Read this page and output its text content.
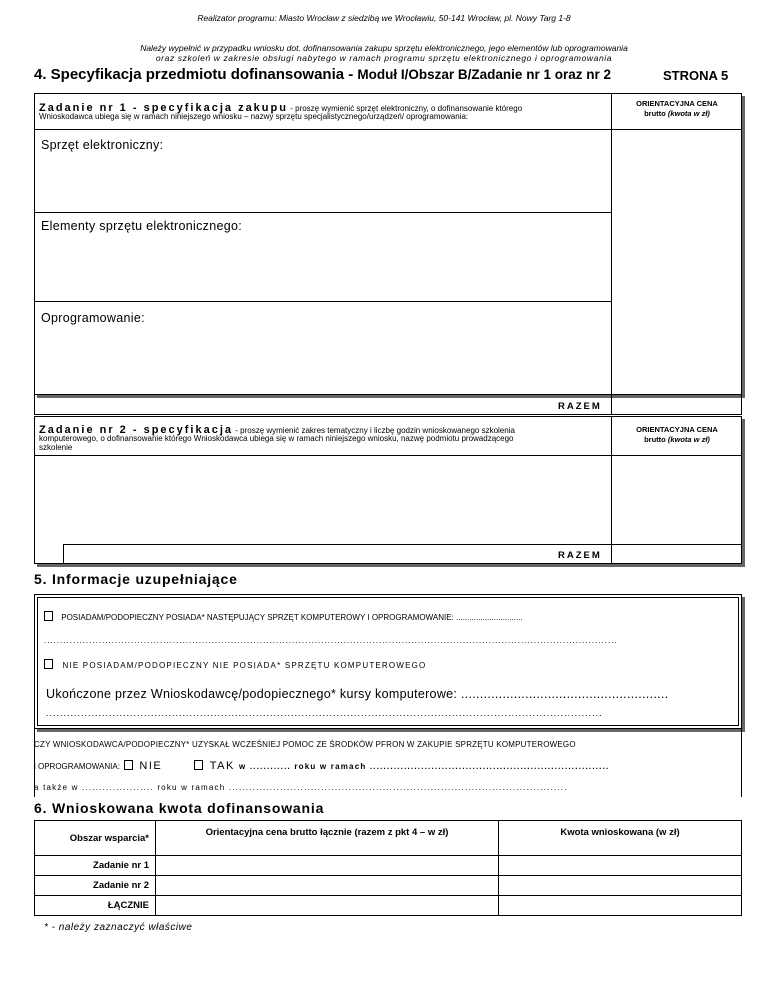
Realizator programu: Miasto Wrocław z siedzibą we Wrocławiu, 50-141 Wrocław, pl. Nowy Targ 1-8
Należy wypełnić w przypadku wniosku dot. dofinansowania zakupu sprzętu elektronicznego, jego elementów lub oprogramowania
oraz szkoleń w zakresie obsługi nabytego w ramach programu sprzętu elektronicznego i oprogramowania
4. Specyfikacja przedmiotu dofinansowania - Moduł I/Obszar B/Zadanie nr 1 oraz nr 2	STRONA 5
Zadanie nr 1 - specyfikacja zakupu - proszę wymienić sprzęt elektroniczny, o dofinansowanie którego
Wnioskodawca ubiega się w ramach niniejszego wniosku – nazwy sprzętu specjalistycznego/urządzeń/ oprogramowania:
ORIENTACYJNA CENA
brutto (kwota w zł)
Sprzęt elektroniczny:
Elementy sprzętu elektronicznego:
Oprogramowanie:
RAZEM
Zadanie nr 2 - specyfikacja - proszę wymienić zakres tematyczny i liczbę godzin wnioskowanego szkolenia
komputerowego, o dofinansowanie którego Wnioskodawca ubiega się w ramach niniejszego wniosku, nazwę podmiotu prowadzącego
szkolenie
ORIENTACYJNA CENA
brutto (kwota w zł)
RAZEM
5. Informacje uzupełniające
POSIADAM/PODOPIECZNY POSIADA* NASTĘPUJĄCY SPRZĘT KOMPUTEROWY I OPROGRAMOWANIE: ..............................
..................................................................................................................................................................................
NIE POSIADAM/PODOPIECZNY NIE POSIADA* SPRZĘTU KOMPUTEROWEGO
Ukończone przez Wnioskodawcę/podopiecznego* kursy komputerowe: .......................................................
...............................................................................................................................................................
CZY WNIOSKODAWCA/PODOPIECZNY* UZYSKAŁ WCZEŚNIEJ POMOC ZE ŚRODKÓW PFRON W ZAKUPIE SPRZĘTU KOMPUTEROWEGO
i OPROGRAMOWANIA: NIE	TAK w ............ roku w ramach ......................................................................
a także w ..................... roku w ramach ...................................................................................................
6. Wnioskowana kwota dofinansowania
Obszar wsparcia*	Orientacyjna cena brutto łącznie (razem z pkt 4 – w zł)	Kwota wnioskowana (w zł)
Zadanie nr 1		
Zadanie nr 2		
ŁĄCZNIE		
* - należy zaznaczyć właściwe
